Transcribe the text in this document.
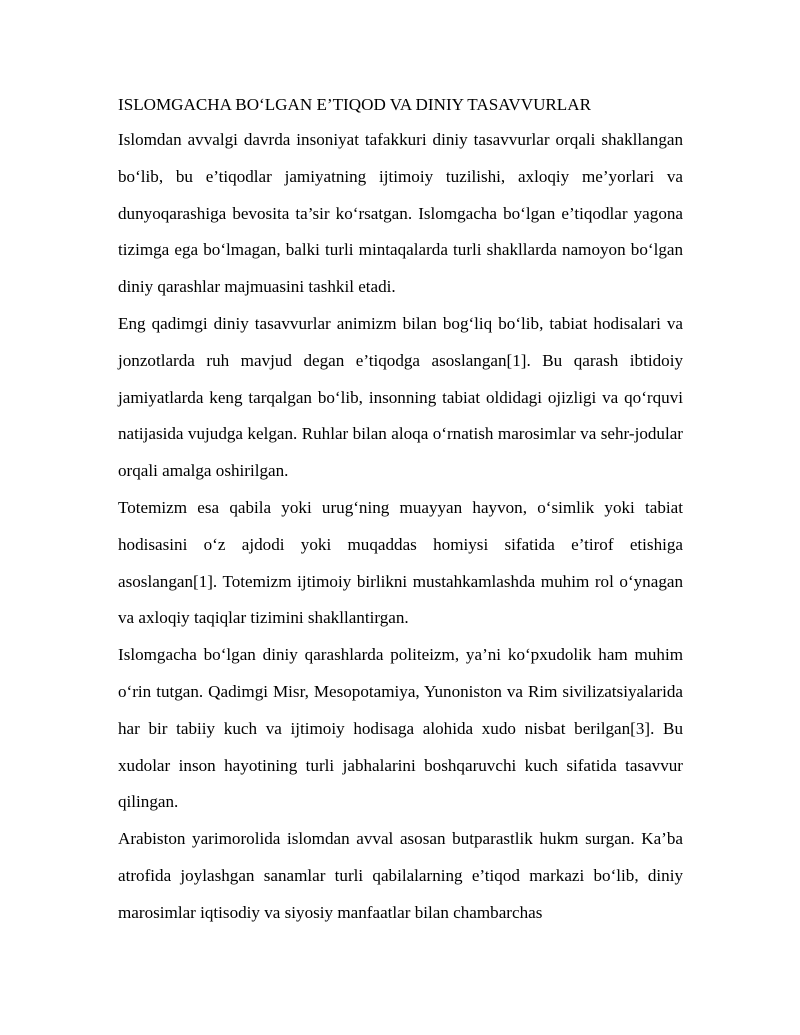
ISLOMGACHA BO‘LGAN E’TIQOD VA DINIY TASAVVURLAR

Islomdan avvalgi davrda insoniyat tafakkuri diniy tasavvurlar orqali shakllangan bo‘lib, bu e’tiqodlar jamiyatning ijtimoiy tuzilishi, axloqiy me’yorlari va dunyoqarashiga bevosita ta’sir ko‘rsatgan. Islomgacha bo‘lgan e’tiqodlar yagona tizimga ega bo‘lmagan, balki turli mintaqalarda turli shakllarda namoyon bo‘lgan diniy qarashlar majmuasini tashkil etadi.

Eng qadimgi diniy tasavvurlar animizm bilan bog‘liq bo‘lib, tabiat hodisalari va jonzotlarda ruh mavjud degan e’tiqodga asoslangan[1]. Bu qarash ibtidoiy jamiyatlarda keng tarqalgan bo‘lib, insonning tabiat oldidagi ojizligi va qo‘rquvi natijasida vujudga kelgan. Ruhlar bilan aloqa o‘rnatish marosimlar va sehr-jodular orqali amalga oshirilgan.

Totemizm esa qabila yoki urug‘ning muayyan hayvon, o‘simlik yoki tabiat hodisasini o‘z ajdodi yoki muqaddas homiysi sifatida e’tirof etishiga asoslangan[1]. Totemizm ijtimoiy birlikni mustahkamlashda muhim rol o‘ynagan va axloqiy taqiqlar tizimini shakllantirgan.

Islomgacha bo‘lgan diniy qarashlarda politeizm, ya’ni ko‘pxudolik ham muhim o‘rin tutgan. Qadimgi Misr, Mesopotamiya, Yunoniston va Rim sivilizatsiyalarida har bir tabiiy kuch va ijtimoiy hodisaga alohida xudo nisbat berilgan[3]. Bu xudolar inson hayotining turli jabhalarini boshqaruvchi kuch sifatida tasavvur qilingan.

Arabiston yarimorolida islomdan avval asosan butparastlik hukm surgan. Ka’ba atrofida joylashgan sanamlar turli qabilalarning e’tiqod markazi bo‘lib, diniy marosimlar iqtisodiy va siyosiy manfaatlar bilan chambarchas
